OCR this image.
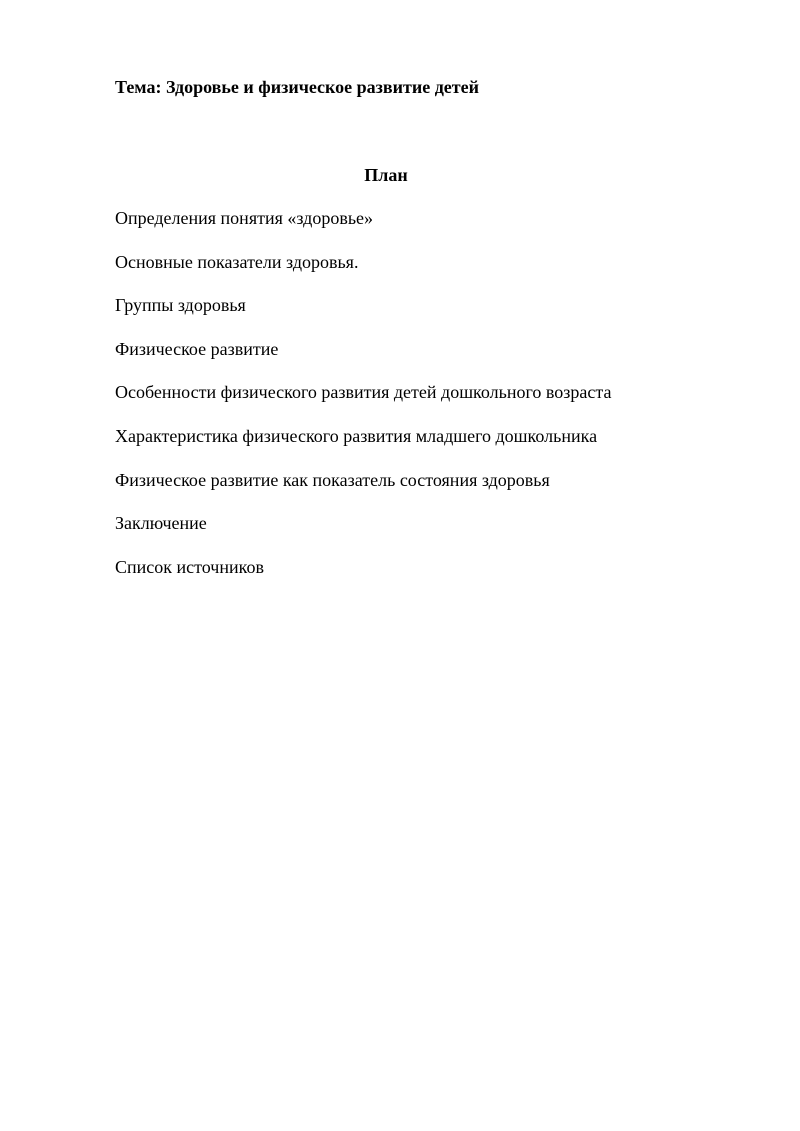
Тема: Здоровье и физическое развитие детей
План
Определения понятия «здоровье»
Основные показатели здоровья.
Группы здоровья
Физическое развитие
Особенности физического развития детей дошкольного возраста
Характеристика физического развития младшего дошкольника
Физическое развитие как показатель состояния здоровья
Заключение
Список источников
